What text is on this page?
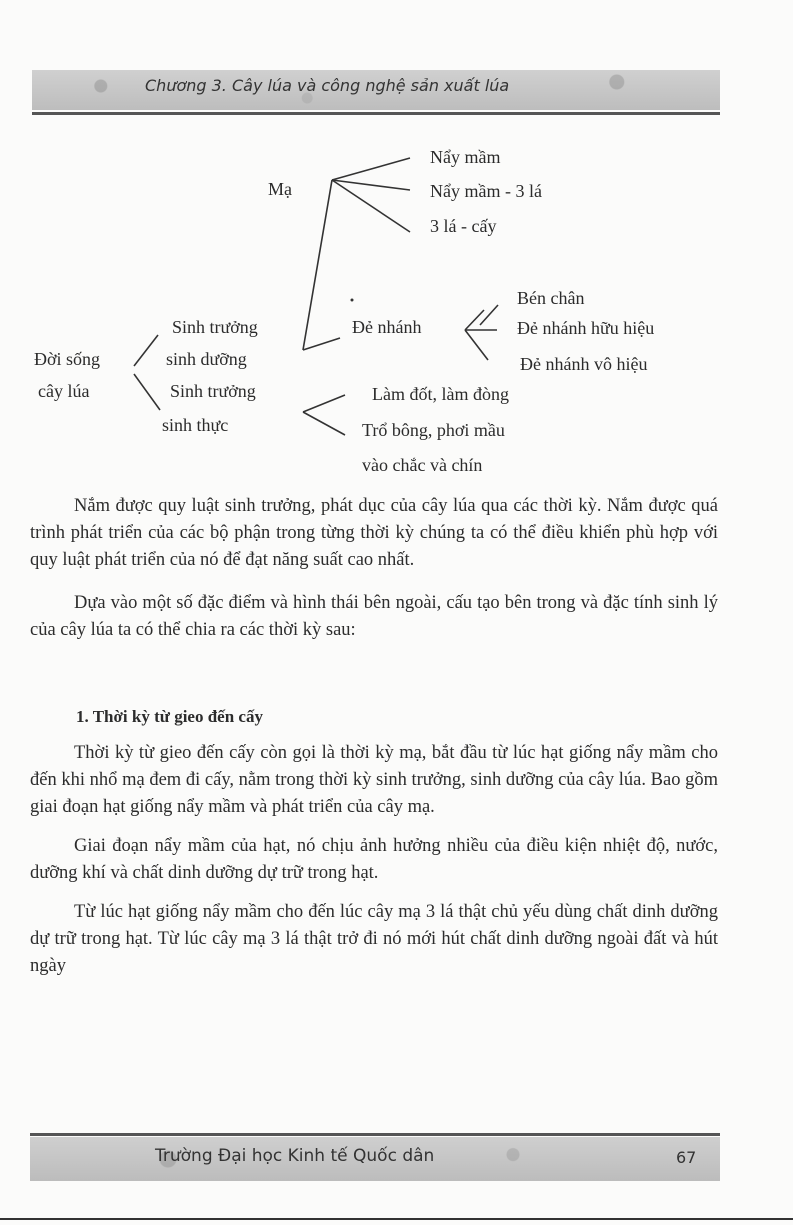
Chương 3. Cây lúa và công nghệ sản xuất lúa
Mạ
Nẩy mầm
Nẩy mầm - 3 lá
3 lá - cấy
Bén chân
Đẻ nhánh	Đẻ nhánh hữu hiệu
Đẻ nhánh vô hiệu
Sinh trưởng
sinh dưỡng
Đời sống
cây lúa	Sinh trưởng
sinh thực
Làm đốt, làm đòng
Trổ bông, phơi mầu
vào chắc và chín

Nắm được quy luật sinh trưởng, phát dục của cây lúa qua các thời kỳ. Nắm được quá trình phát triển của các bộ phận trong từng thời kỳ chúng ta có thể điều khiển phù hợp với quy luật phát triển của nó để đạt năng suất cao nhất.

Dựa vào một số đặc điểm và hình thái bên ngoài, cấu tạo bên trong và đặc tính sinh lý của cây lúa ta có thể chia ra các thời kỳ sau:

1. Thời kỳ từ gieo đến cấy

Thời kỳ từ gieo đến cấy còn gọi là thời kỳ mạ, bắt đầu từ lúc hạt giống nẩy mầm cho đến khi nhổ mạ đem đi cấy, nằm trong thời kỳ sinh trưởng, sinh dưỡng của cây lúa. Bao gồm giai đoạn hạt giống nẩy mầm và phát triển của cây mạ.

Giai đoạn nẩy mầm của hạt, nó chịu ảnh hưởng nhiều của điều kiện nhiệt độ, nước, dưỡng khí và chất dinh dưỡng dự trữ trong hạt.

Từ lúc hạt giống nẩy mầm cho đến lúc cây mạ 3 lá thật chủ yếu dùng chất dinh dưỡng dự trữ trong hạt. Từ lúc cây mạ 3 lá thật trở đi nó mới hút chất dinh dưỡng ngoài đất và hút ngày

Trường Đại học Kinh tế Quốc dân	67
